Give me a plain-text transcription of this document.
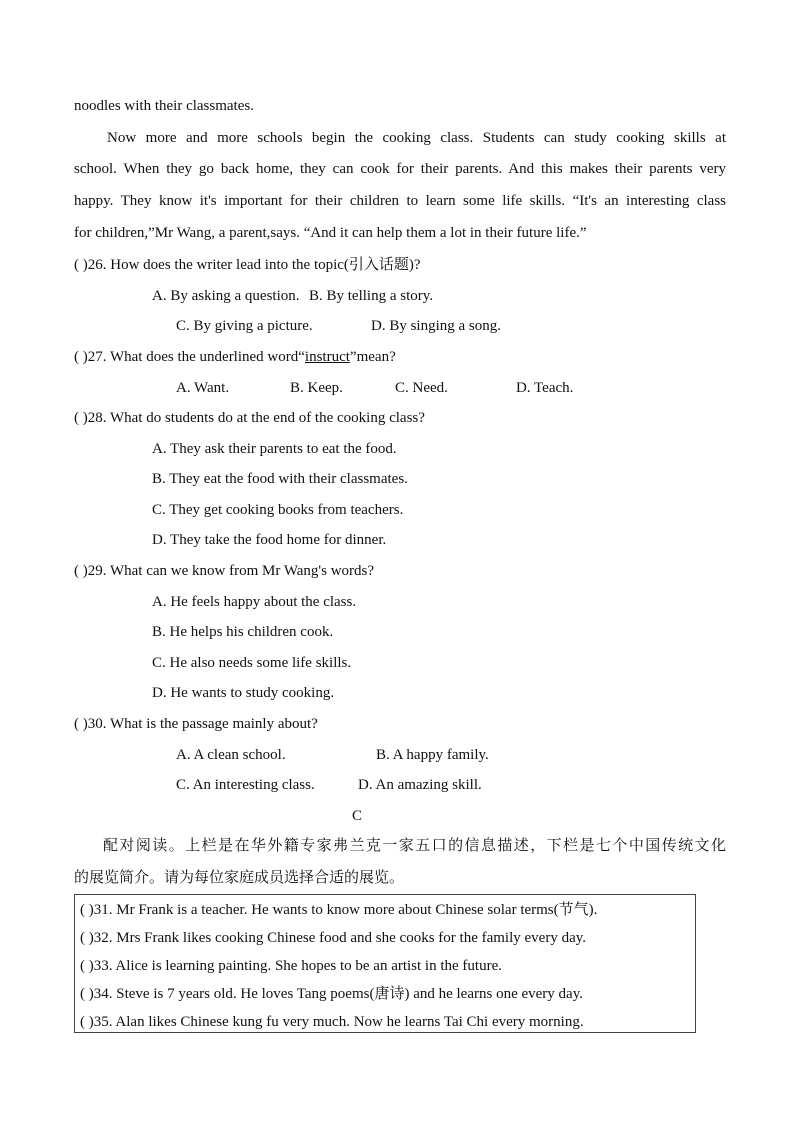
noodles with their classmates.
Now more and more schools begin the cooking class. Students can study cooking skills at
school. When they go back home, they can cook for their parents. And this makes their parents very
happy. They know it's important for their children to learn some life skills. “It's an interesting class
for children,”Mr Wang, a parent,says. “And it can help them a lot in their future life.”
( )26. How does the writer lead into the topic(引入话题)?
A. By asking a question. B. By telling a story.
C. By giving a picture.	D. By singing a song.
( )27. What does the underlined word“instruct”mean?
A. Want.	B. Keep.	C. Need.	D. Teach.
( )28. What do students do at the end of the cooking class?
A. They ask their parents to eat the food.
B. They eat the food with their classmates.
C. They get cooking books from teachers.
D. They take the food home for dinner.
( )29. What can we know from Mr Wang's words?
A. He feels happy about the class.
B. He helps his children cook.
C. He also needs some life skills.
D. He wants to study cooking.
( )30. What is the passage mainly about?
A. A clean school.	B. A happy family.
C. An interesting class.	D. An amazing skill.
C
配对阅读。上栏是在华外籍专家弗兰克一家五口的信息描述，下栏是七个中国传统文化
的展览简介。请为每位家庭成员选择合适的展览。
( )31. Mr Frank is a teacher. He wants to know more about Chinese solar terms(节气).
( )32. Mrs Frank likes cooking Chinese food and she cooks for the family every day.
( )33. Alice is learning painting. She hopes to be an artist in the future.
( )34. Steve is 7 years old. He loves Tang poems(唐诗) and he learns one every day.
( )35. Alan likes Chinese kung fu very much. Now he learns Tai Chi every morning.
